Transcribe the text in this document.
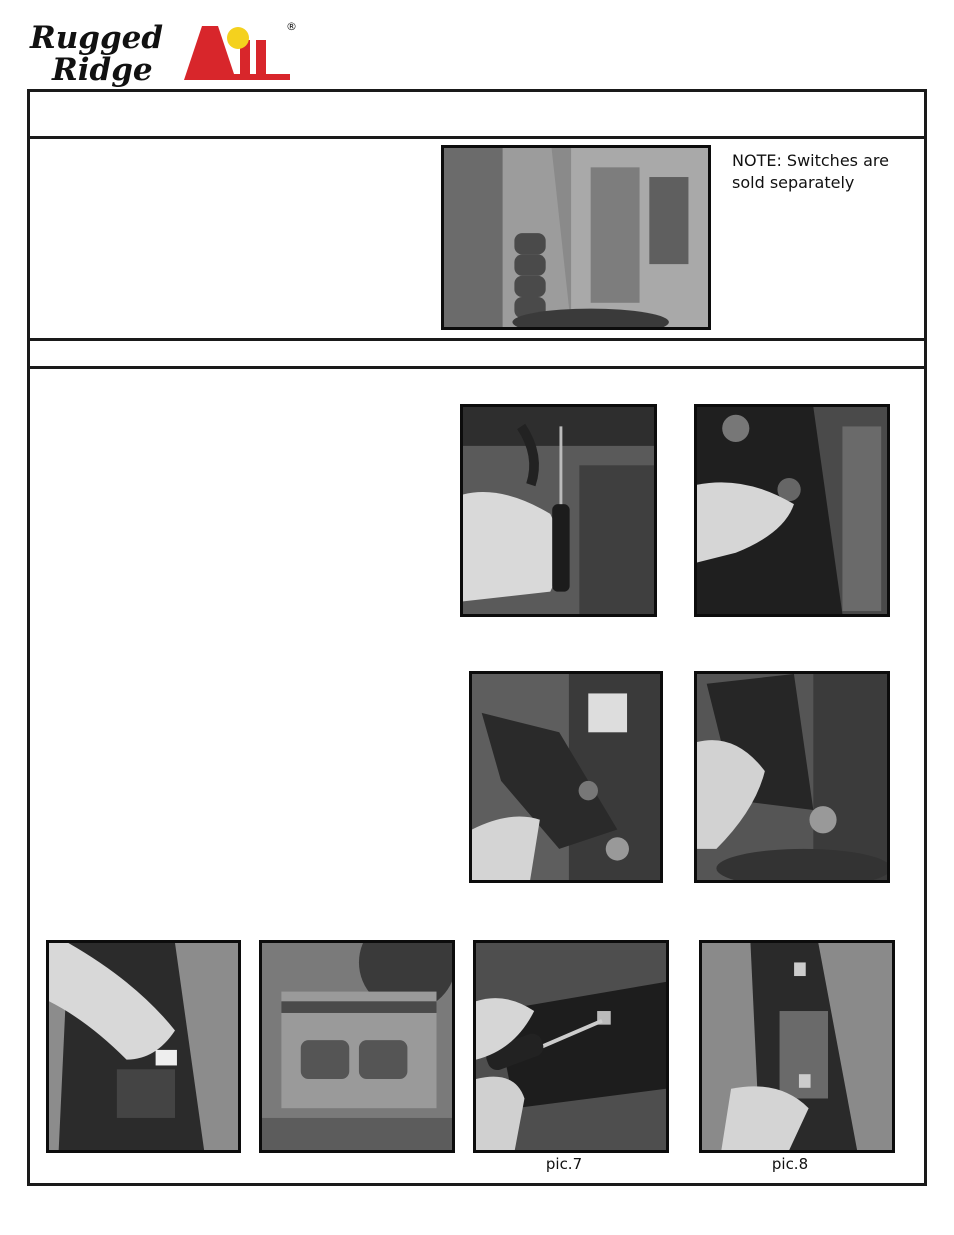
Rugged
Ridge
®
NOTE: Switches are sold separately
pic.7	pic.8
